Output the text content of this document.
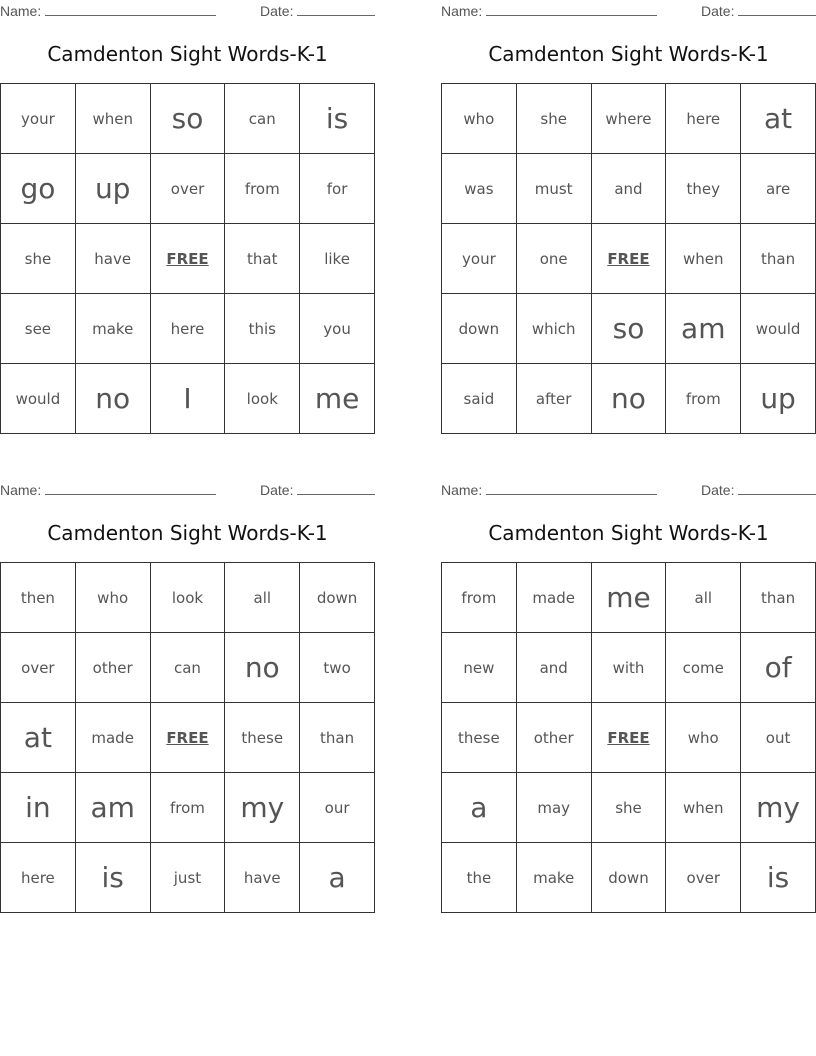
Name:	Date:
Camdenton Sight Words-K-1
your	when	so	can	is
go	up	over	from	for
she	have	FREE	that	like
see	make	here	this	you
would	no	I	look	me
Name:	Date:
Camdenton Sight Words-K-1
who	she	where	here	at
was	must	and	they	are
your	one	FREE	when	than
down	which	so	am	would
said	after	no	from	up
Name:	Date:
Camdenton Sight Words-K-1
then	who	look	all	down
over	other	can	no	two
at	made	FREE	these	than
in	am	from	my	our
here	is	just	have	a
Name:	Date:
Camdenton Sight Words-K-1
from	made	me	all	than
new	and	with	come	of
these	other	FREE	who	out
a	may	she	when	my
the	make	down	over	is
